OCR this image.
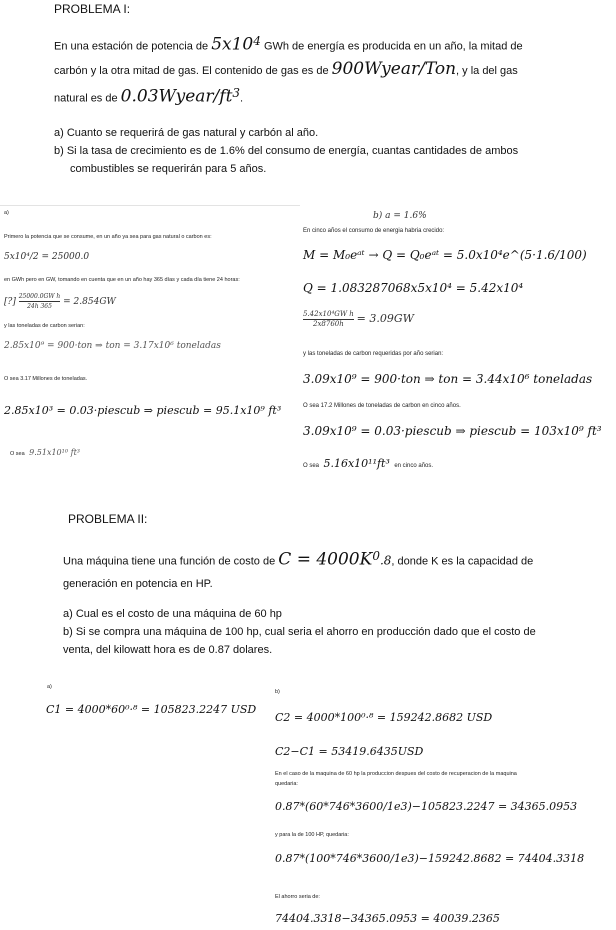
PROBLEMA I:
En una estación de potencia de $5x10^4$ GWh de energía es producida en un año, la mitad de
carbón y la otra mitad de gas. El contenido de gas es de 900Wyear/Ton, y la del gas
natural es de $0.03Wyear/ft^3$.
a) Cuanto se requerirá de gas natural y carbón al año.
b) Si la tasa de crecimiento es de 1.6% del consumo de energía, cuantas cantidades de ambos
combustibles se requerirán para 5 años.
a)
Primero la potencia que se consume, en un año ya sea para gas natural o carbon es:
5x10⁴/2 = 25000.0
en GWh pero en GW, tomando en cuenta que en un año hay 365 días y cada día tiene 24 horas:
[?] $\frac{\text{25000.0GW h}}{24h 365} = 2.854GW$
y las toneladas de carbon serian:
2.85x10⁹ = 900·ton ⇒ ton = 3.17x10⁶ toneladas
O sea 3.17 Millones de toneladas.
2.85x10³ = 0.03·piescub ⇒ piescub = 95.1x10⁹ ft³
O sea 9.51x10¹⁰ ft³
b) a = 1.6%
En cinco años el consumo de energia habria crecido:
M = M₀eᵃᵗ → Q = Q₀eᵃᵗ = 5.0x10⁴e^(5·1.6/100)
Q = 1.083287068x5x10⁴ = 5.42x10⁴
$\frac{\text{5.42x10⁴GW h}}{2x8760h} = 3.09GW$
y las toneladas de carbon requeridas por año serian:
3.09x10⁹ = 900·ton ⇒ ton = 3.44x10⁶ toneladas
O sea 17.2 Millones de toneladas de carbon en cinco años.
3.09x10⁹ = 0.03·piescub ⇒ piescub = 103x10⁹ ft³
O sea 5.16x10¹¹ft³ en cinco años.
PROBLEMA II:
Una máquina tiene una función de costo de $C = 4000K^0.8$, donde K es la capacidad de
generación en potencia en HP.
a) Cual es el costo de una máquina de 60 hp
b) Si se compra una máquina de 100 hp, cual seria el ahorro en producción dado que el costo de
venta, del kilowatt hora es de 0.87 dolares.
a)
C1 = 4000*60⁰·⁸ = 105823.2247 USD
b)
C2 = 4000*100⁰·⁸ = 159242.8682 USD
C2−C1 = 53419.6435USD
En el caso de la maquina de 60 hp la produccion despues del costo de recuperacion de la maquina
quedaria:
0.87*(60*746*3600/1e3)−105823.2247 = 34365.0953
y para la de 100 HP, quedaria:
0.87*(100*746*3600/1e3)−159242.8682 = 74404.3318
El ahorro seria de:
74404.3318−34365.0953 = 40039.2365
